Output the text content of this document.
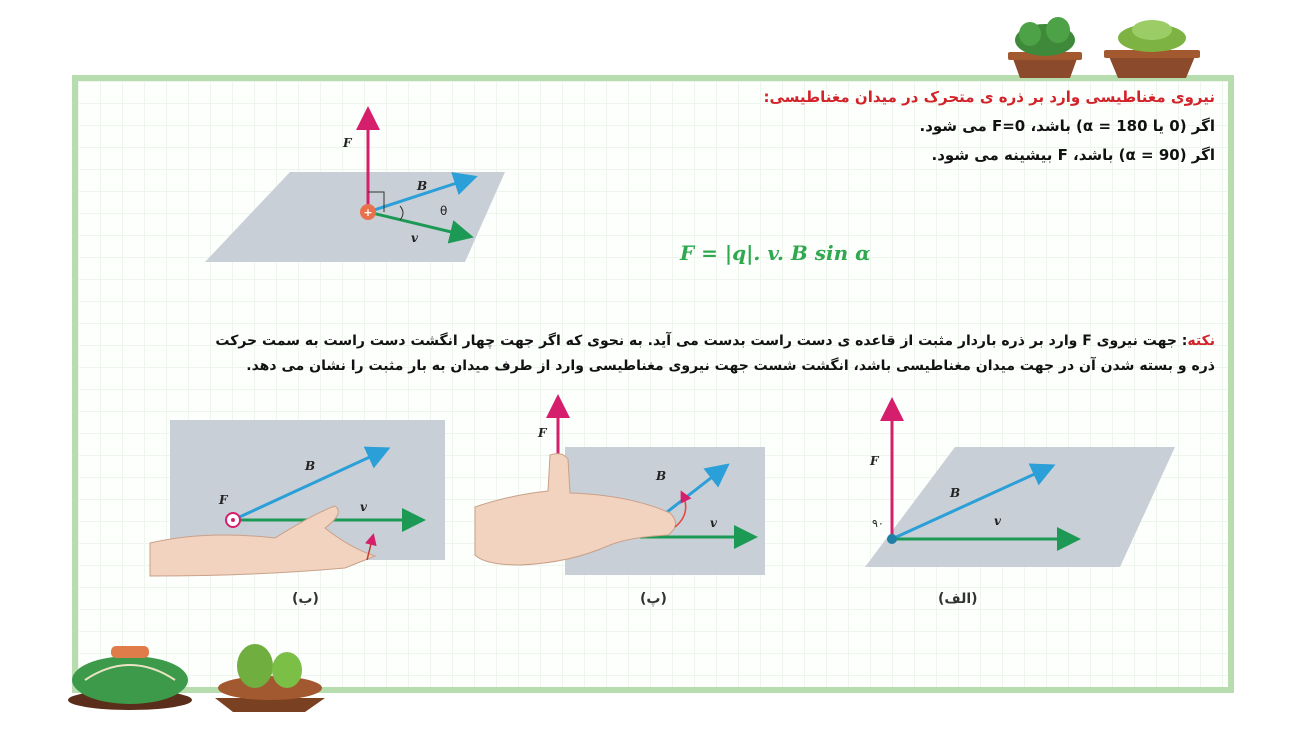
نیروی مغناطیسی وارد بر ذره ی متحرک در میدان مغناطیسی:
اگر (0 یا 180 = α) باشد، F=0 می شود.
اگر (90 = α) باشد، F بیشینه می شود.
F = |q|. v. B sin α
نکته: جهت نیروی F وارد بر ذره باردار مثبت از قاعده ی دست راست بدست می آید. به نحوی که اگر جهت چهار انگشت دست راست به سمت حرکت ذره و بسته شدن آن در جهت میدان مغناطیسی باشد، انگشت شست جهت نیروی مغناطیسی وارد از طرف میدان به بار مثبت را نشان می دهد.
+
F
B
v
θ
F
B
v
F
B
v
F
B
v
۹۰
(ب)	(پ)	(الف)
